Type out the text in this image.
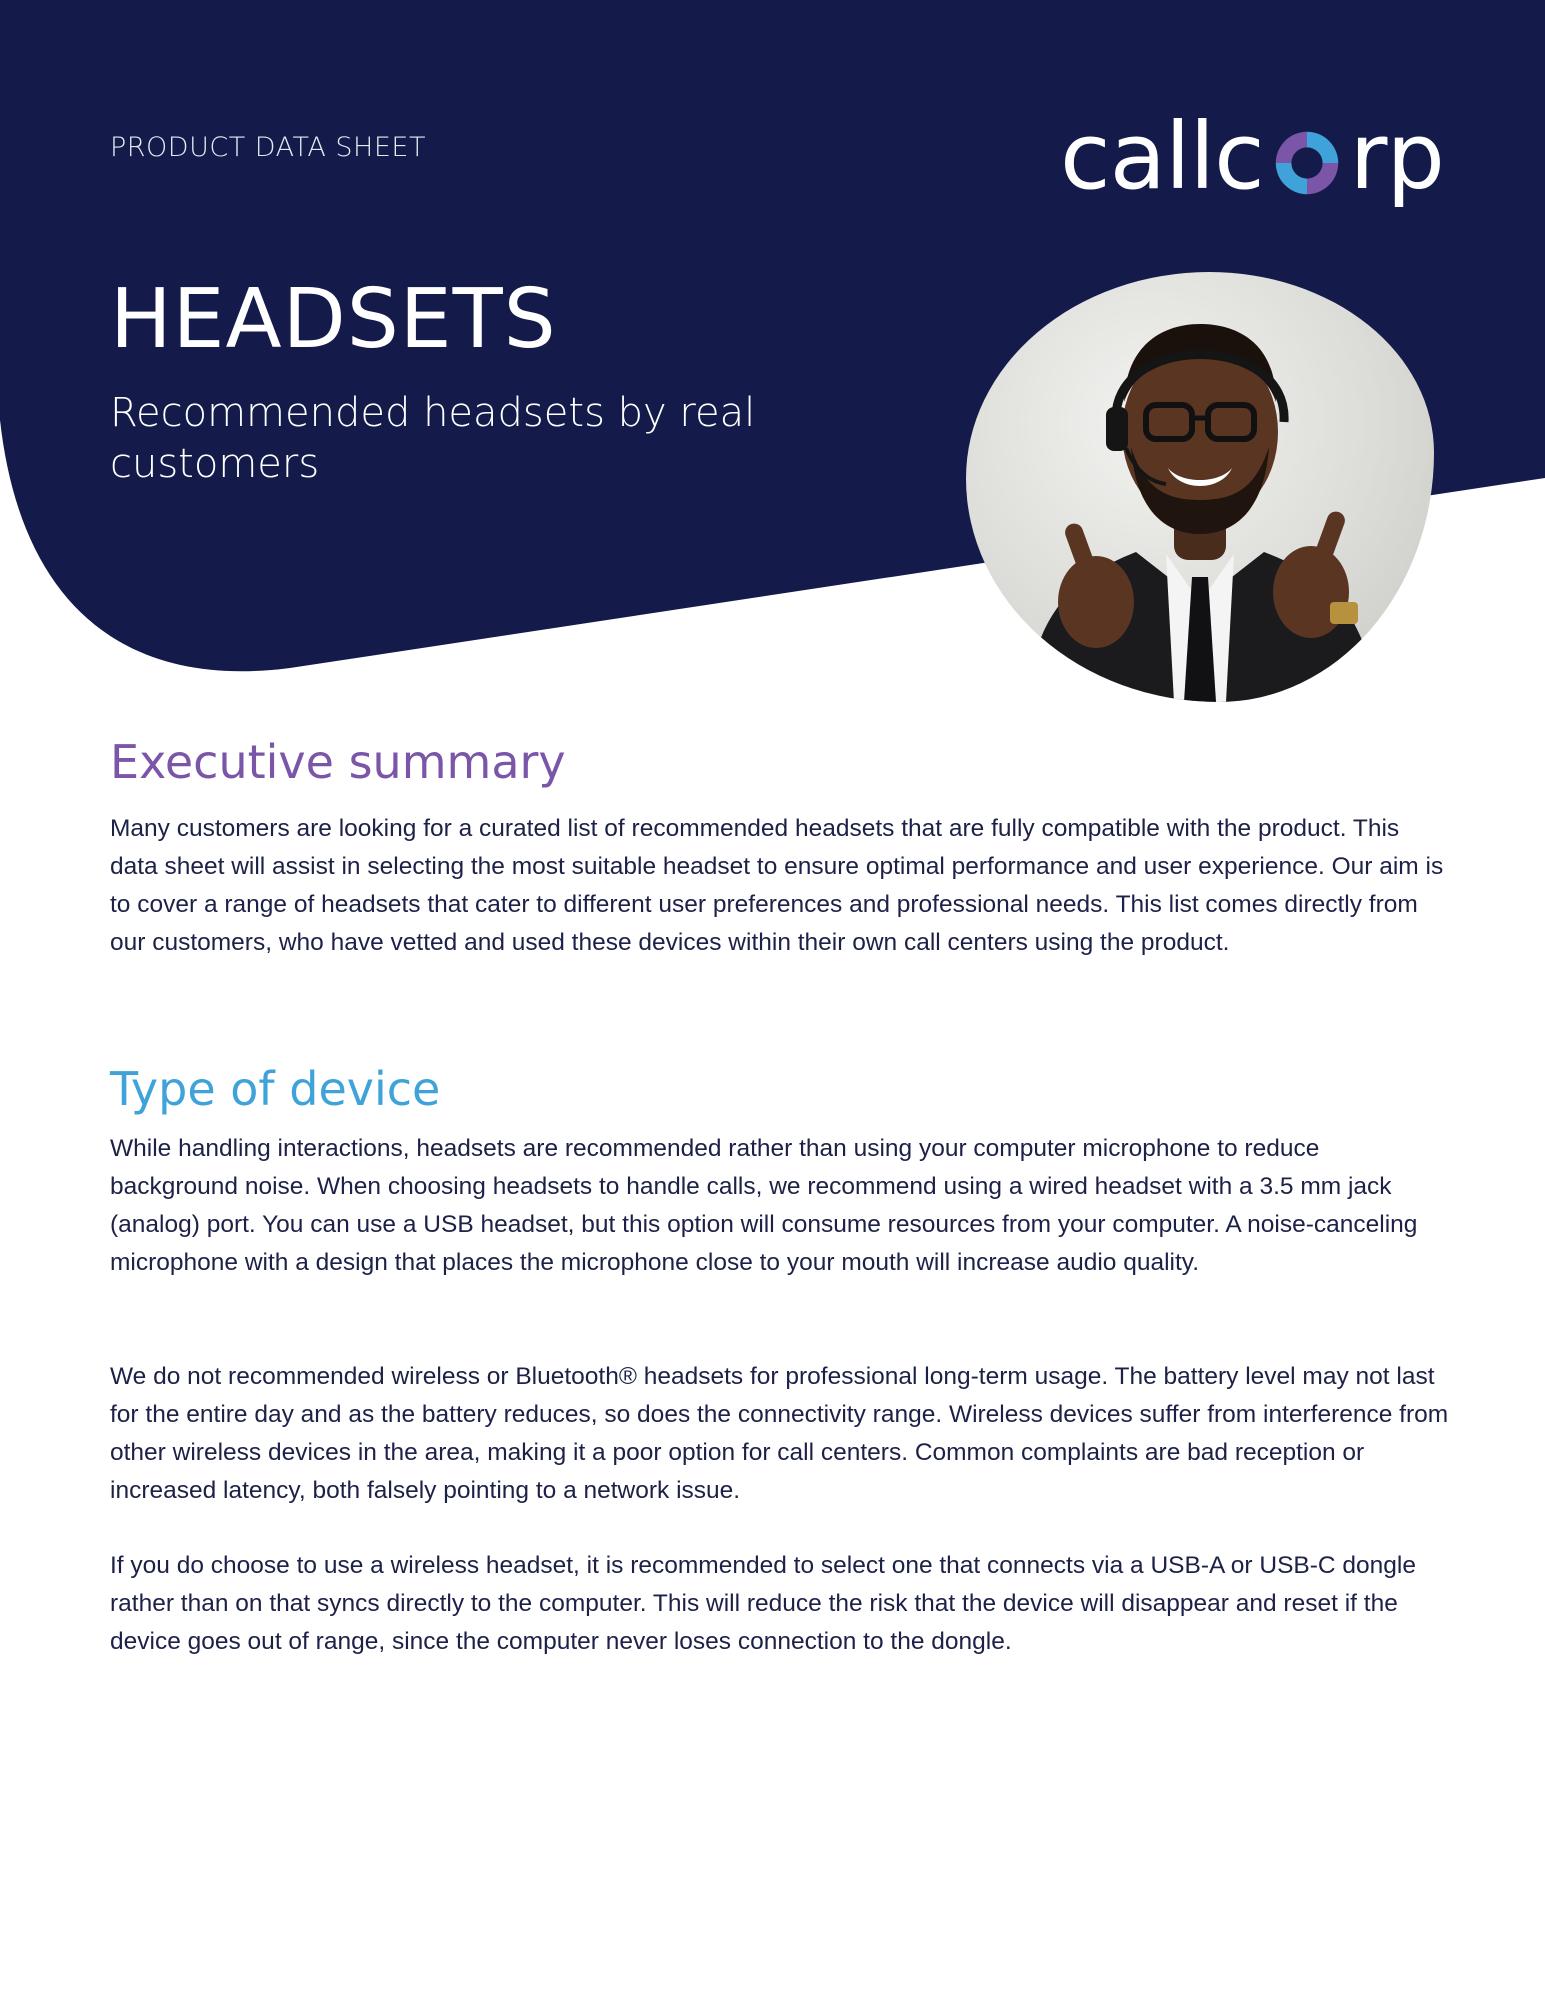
PRODUCT DATA SHEET	callc rp
HEADSETS

Recommended headsets by real customers

Executive summary

Many customers are looking for a curated list of recommended headsets that are fully compatible with the product. This data sheet will assist in selecting the most suitable headset to ensure optimal performance and user experience. Our aim is to cover a range of headsets that cater to different user preferences and professional needs. This list comes directly from our customers, who have vetted and used these devices within their own call centers using the product.

Type of device

While handling interactions, headsets are recommended rather than using your computer microphone to reduce background noise. When choosing headsets to handle calls, we recommend using a wired headset with a 3.5 mm jack (analog) port. You can use a USB headset, but this option will consume resources from your computer. A noise-canceling microphone with a design that places the microphone close to your mouth will increase audio quality.

We do not recommended wireless or Bluetooth® headsets for professional long-term usage. The battery level may not last for the entire day and as the battery reduces, so does the connectivity range. Wireless devices suffer from interference from other wireless devices in the area, making it a poor option for call centers. Common complaints are bad reception or increased latency, both falsely pointing to a network issue.

If you do choose to use a wireless headset, it is recommended to select one that connects via a USB-A or USB-C dongle rather than on that syncs directly to the computer. This will reduce the risk that the device will disappear and reset if the device goes out of range, since the computer never loses connection to the dongle.
